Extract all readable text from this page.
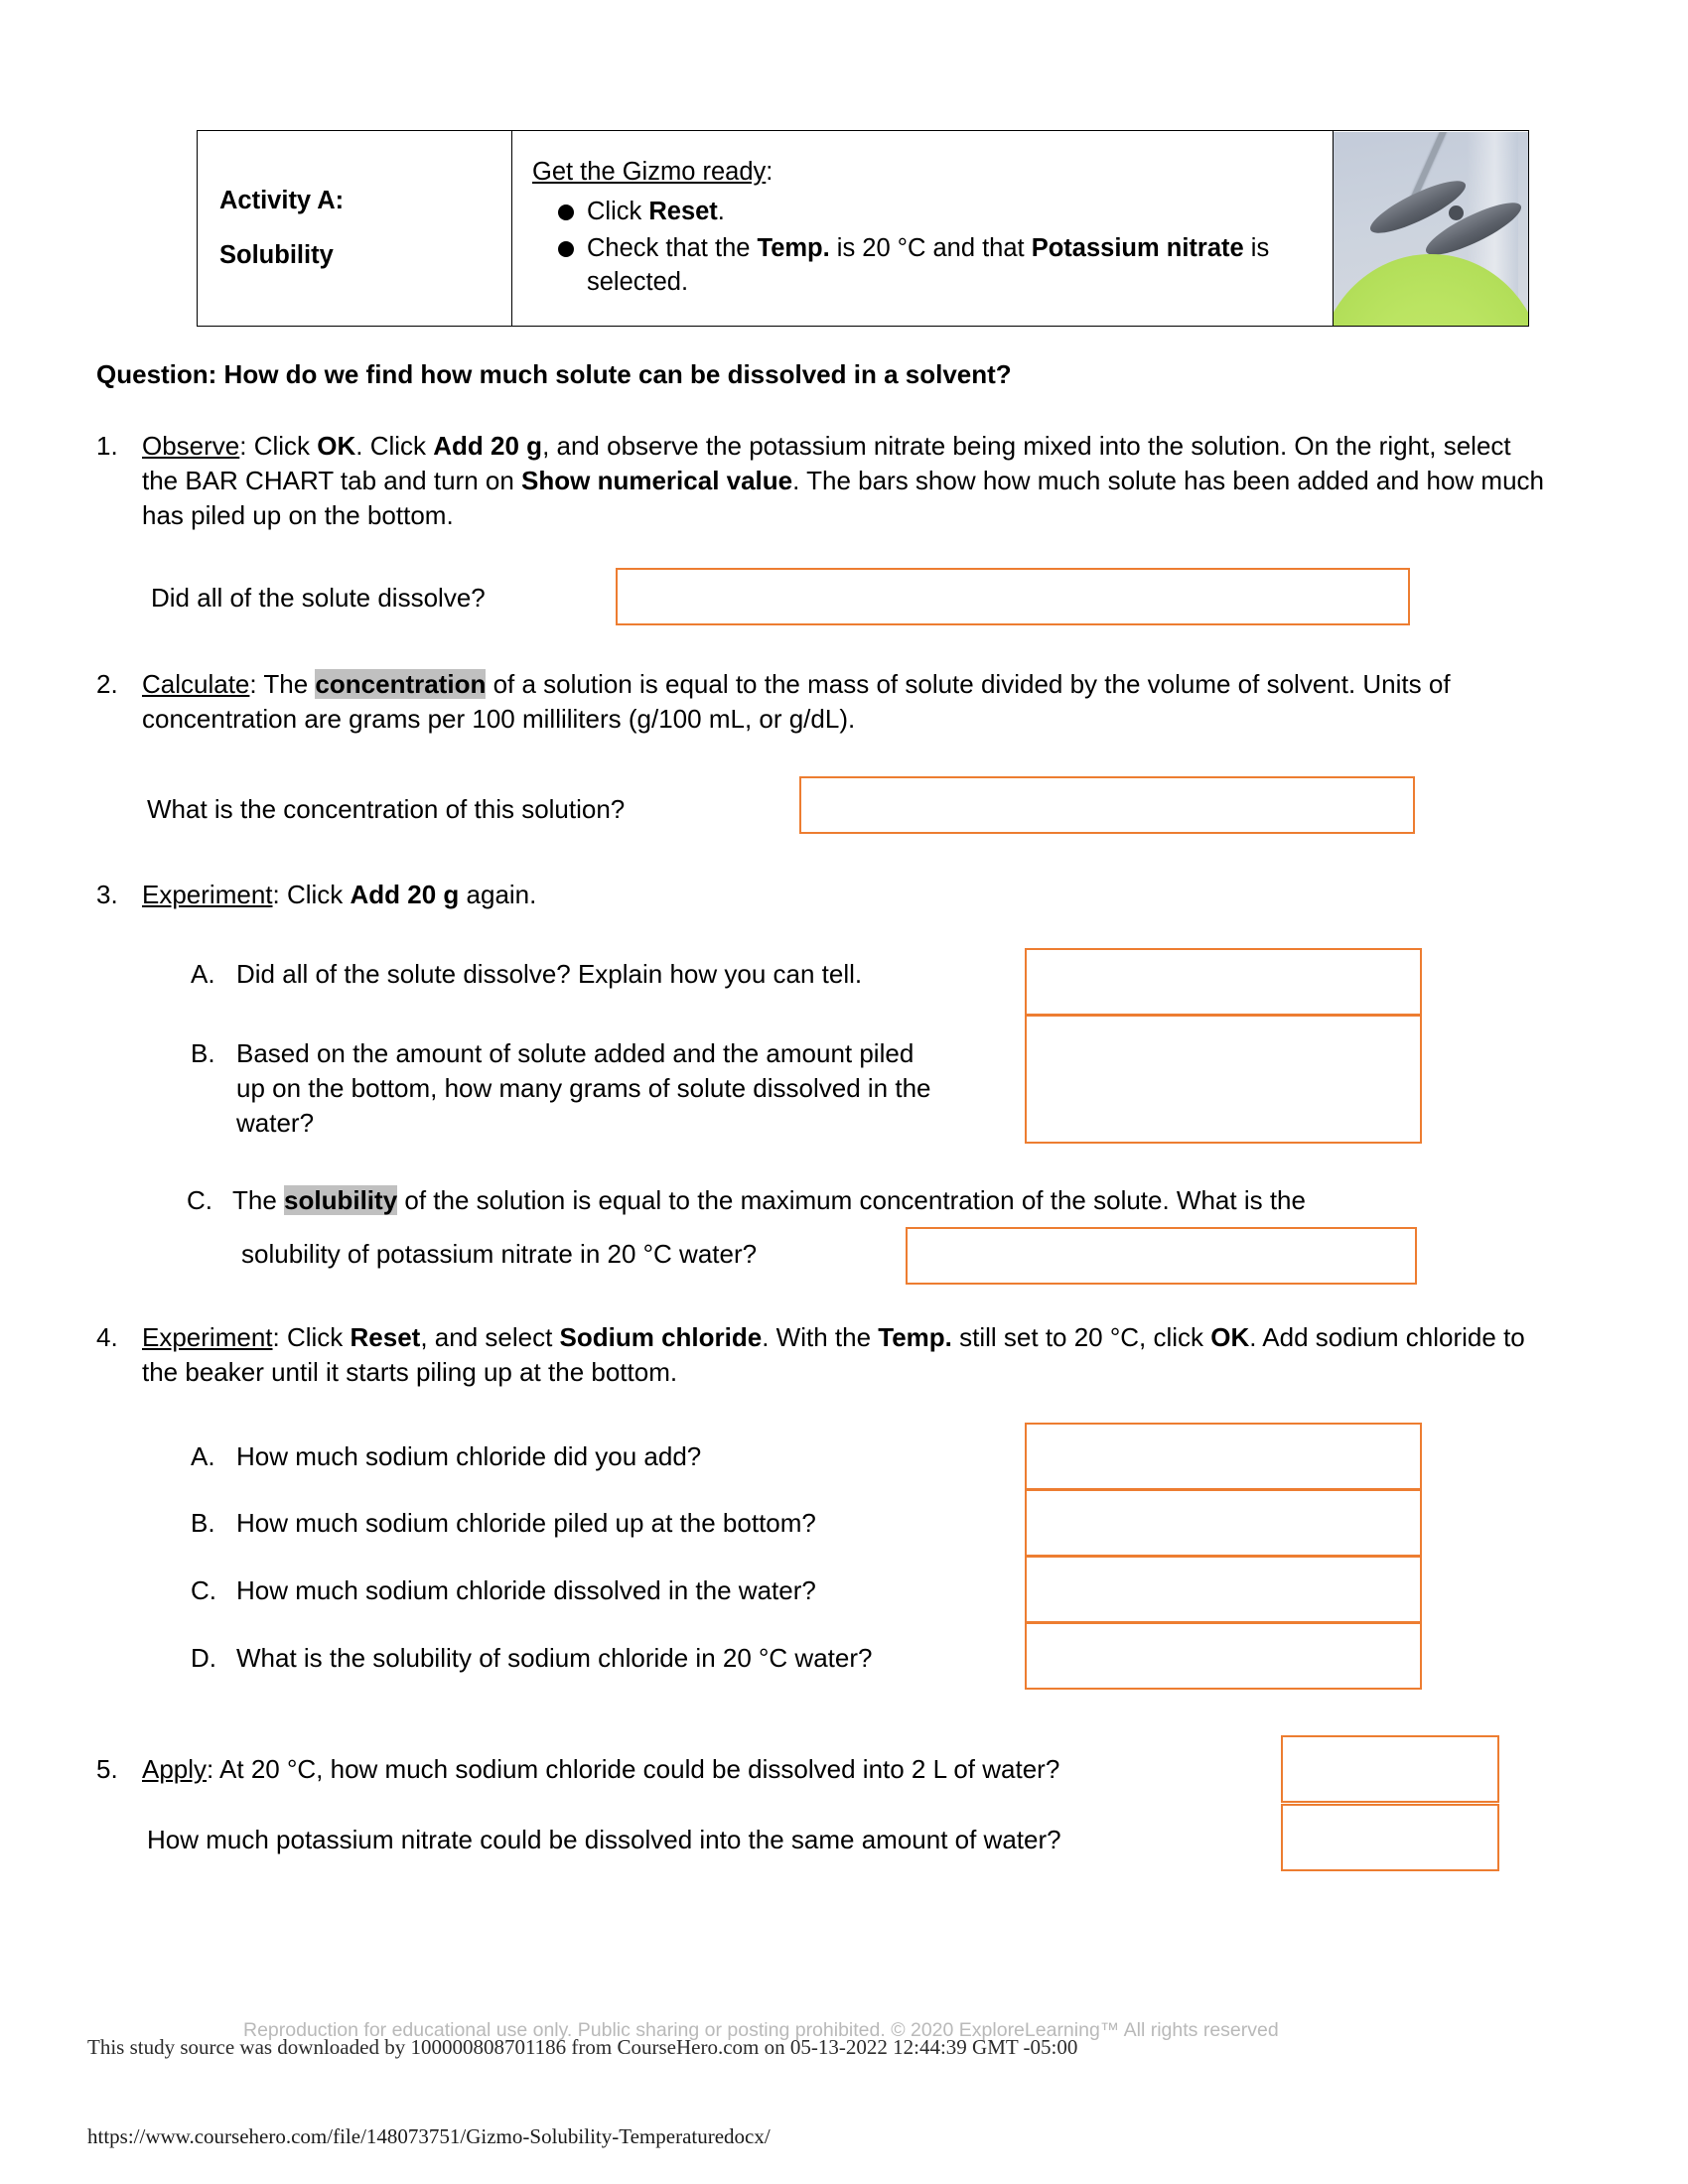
Activity A:
Solubility

Get the Gizmo ready:
Click Reset.
Check that the Temp. is 20 °C and that Potassium nitrate is selected.

Question: How do we find how much solute can be dissolved in a solvent?
1. Observe: Click OK. Click Add 20 g, and observe the potassium nitrate being mixed into the solution. On the right, select the BAR CHART tab and turn on Show numerical value. The bars show how much solute has been added and how much has piled up on the bottom.
Did all of the solute dissolve?
2. Calculate: The concentration of a solution is equal to the mass of solute divided by the volume of solvent. Units of concentration are grams per 100 milliliters (g/100 mL, or g/dL).
What is the concentration of this solution?
3. Experiment: Click Add 20 g again.
A. Did all of the solute dissolve? Explain how you can tell.
B. Based on the amount of solute added and the amount piled up on the bottom, how many grams of solute dissolved in the water?
C. The solubility of the solution is equal to the maximum concentration of the solute. What is the
solubility of potassium nitrate in 20 °C water?
4. Experiment: Click Reset, and select Sodium chloride. With the Temp. still set to 20 °C, click OK. Add sodium chloride to the beaker until it starts piling up at the bottom.
A. How much sodium chloride did you add?
B. How much sodium chloride piled up at the bottom?
C. How much sodium chloride dissolved in the water?
D. What is the solubility of sodium chloride in 20 °C water?
5. Apply: At 20 °C, how much sodium chloride could be dissolved into 2 L of water?
How much potassium nitrate could be dissolved into the same amount of water?
Reproduction for educational use only. Public sharing or posting prohibited. © 2020 ExploreLearning™ All rights reserved
This study source was downloaded by 100000808701186 from CourseHero.com on 05-13-2022 12:44:39 GMT -05:00
https://www.coursehero.com/file/148073751/Gizmo-Solubility-Temperaturedocx/
